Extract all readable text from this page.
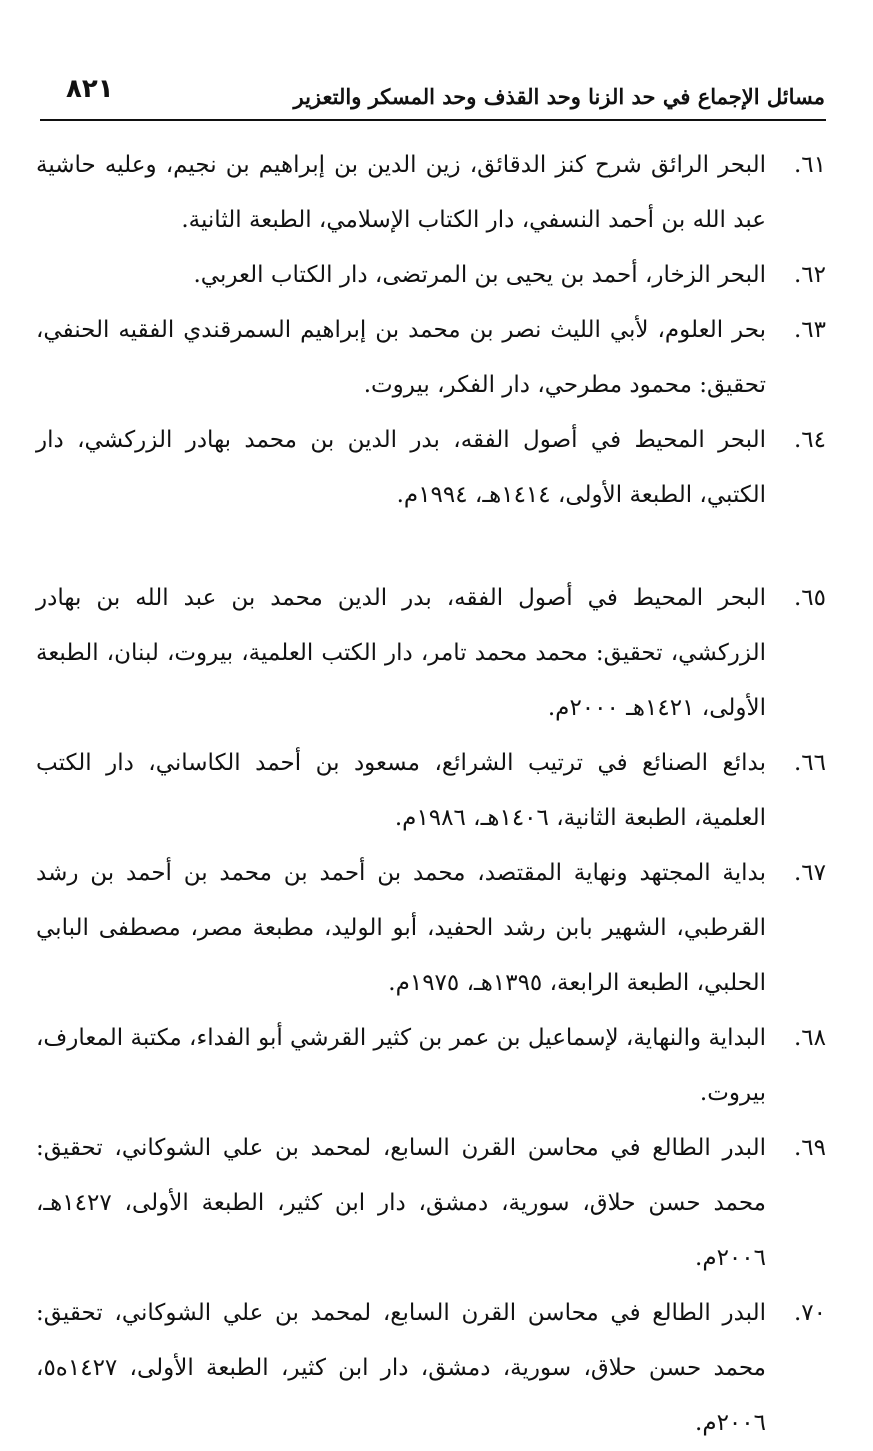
٨٢١	مسائل الإجماع في حد الزنا وحد القذف وحد المسكر والتعزير
٦١.
البحر الرائق شرح كنز الدقائق، زين الدين بن إبراهيم بن نجيم، وعليه حاشية عبد الله بن أحمد النسفي، دار الكتاب الإسلامي، الطبعة الثانية.
٦٢.
البحر الزخار، أحمد بن يحيى بن المرتضى، دار الكتاب العربي.
٦٣.
بحر العلوم، لأبي الليث نصر بن محمد بن إبراهيم السمرقندي الفقيه الحنفي، تحقيق: محمود مطرحي، دار الفكر، بيروت.
٦٤.
البحر المحيط في أصول الفقه، بدر الدين بن محمد بهادر الزركشي، دار الكتبي، الطبعة الأولى، ١٤١٤هـ، ١٩٩٤م.
٦٥.
البحر المحيط في أصول الفقه، بدر الدين محمد بن عبد الله بن بهادر الزركشي، تحقيق: محمد محمد تامر، دار الكتب العلمية، بيروت، لبنان، الطبعة الأولى، ١٤٢١هـ ٢٠٠٠م.
٦٦.
بدائع الصنائع في ترتيب الشرائع، مسعود بن أحمد الكاساني، دار الكتب العلمية، الطبعة الثانية، ١٤٠٦هـ، ١٩٨٦م.
٦٧.
بداية المجتهد ونهاية المقتصد، محمد بن أحمد بن محمد بن أحمد بن رشد القرطبي، الشهير بابن رشد الحفيد، أبو الوليد، مطبعة مصر، مصطفى البابي الحلبي، الطبعة الرابعة، ١٣٩٥هـ، ١٩٧٥م.
٦٨.
البداية والنهاية، لإسماعيل بن عمر بن كثير القرشي أبو الفداء، مكتبة المعارف، بيروت.
٦٩.
البدر الطالع في محاسن القرن السابع، لمحمد بن علي الشوكاني، تحقيق: محمد حسن حلاق، سورية، دمشق، دار ابن كثير، الطبعة الأولى، ١٤٢٧هـ، ٢٠٠٦م.
٧٠.
البدر الطالع في محاسن القرن السابع، لمحمد بن علي الشوكاني، تحقيق: محمد حسن حلاق، سورية، دمشق، دار ابن كثير، الطبعة الأولى، ١٤٢٧ه٥، ٢٠٠٦م.
